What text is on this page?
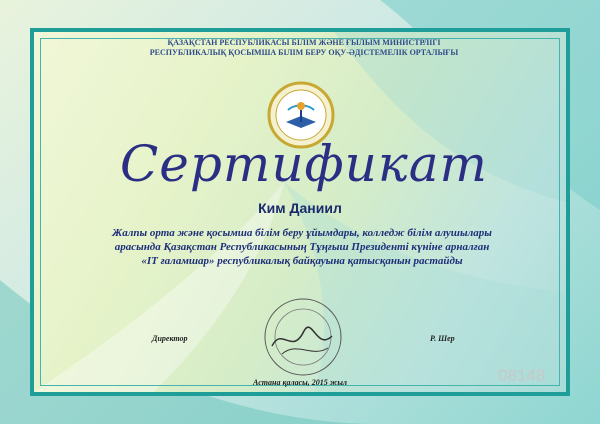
ҚАЗАҚСТАН РЕСПУБЛИКАСЫ БІЛІМ ЖӘНЕ ҒЫЛЫМ МИНИСТРЛІГІ
РЕСПУБЛИКАЛЫҚ ҚОСЫМША БІЛІМ БЕРУ ОҚУ-ӘДІСТЕМЕЛІК ОРТАЛЫҒЫ
Сертификат
Ким Даниил
Жалпы орта және қосымша білім беру ұйымдары, колледж білім алушылары
арасында Қазақстан Республикасының Тұңғыш Президенті күніне арналған
«IT ғаламшар» республикалық байқауына қатысқанын растайды
Директор	Р. Шер
Астана қаласы, 2015 жыл	08148
